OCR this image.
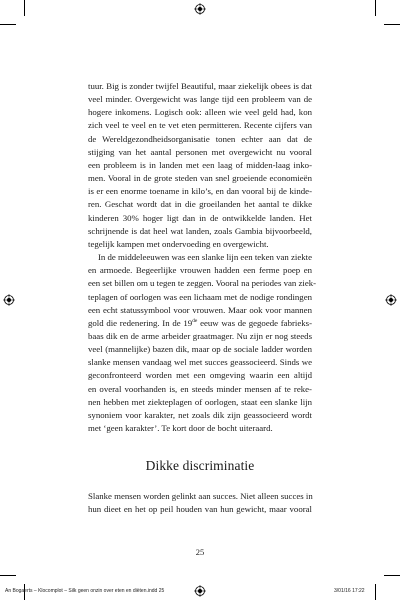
tuur. Big is zonder twijfel Beautiful, maar ziekelijk obees is dat
veel minder. Overgewicht was lange tijd een probleem van de
hogere inkomens. Logisch ook: alleen wie veel geld had, kon
zich veel te veel en te vet eten permitteren. Recente cijfers van
de Wereldgezondheidsorganisatie tonen echter aan dat de
stijging van het aantal personen met overgewicht nu vooral
een probleem is in landen met een laag of midden-laag inko-
men. Vooral in de grote steden van snel groeiende economieën
is er een enorme toename in kilo’s, en dan vooral bij de kinde-
ren. Geschat wordt dat in die groeilanden het aantal te dikke
kinderen 30% hoger ligt dan in de ontwikkelde landen. Het
schrijnende is dat heel wat landen, zoals Gambia bijvoorbeeld,
tegelijk kampen met ondervoeding en overgewicht.
In de middeleeuwen was een slanke lijn een teken van ziekte
en armoede. Begeerlijke vrouwen hadden een ferme poep en
een set billen om u tegen te zeggen. Vooral na periodes van ziek-
teplagen of oorlogen was een lichaam met de nodige rondingen
een echt statussymbool voor vrouwen. Maar ook voor mannen
gold die redenering. In de 19de eeuw was de gegoede fabrieks-
baas dik en de arme arbeider graatmager. Nu zijn er nog steeds
veel (mannelijke) bazen dik, maar op de sociale ladder worden
slanke mensen vandaag wel met succes geassocieerd. Sinds we
geconfronteerd worden met een omgeving waarin een altijd
en overal voorhanden is, en steeds minder mensen af te reke-
nen hebben met ziekteplagen of oorlogen, staat een slanke lijn
synoniem voor karakter, net zoals dik zijn geassocieerd wordt
met ‘geen karakter’. Te kort door de bocht uiteraard.
Dikke discriminatie
Slanke mensen worden gelinkt aan succes. Niet alleen succes in
hun dieet en het op peil houden van hun gewicht, maar vooral
25
An Bogaerts – Klocomplot – Silk geen onzin over eten en diëten.indd 25	3/01/16 17:22
